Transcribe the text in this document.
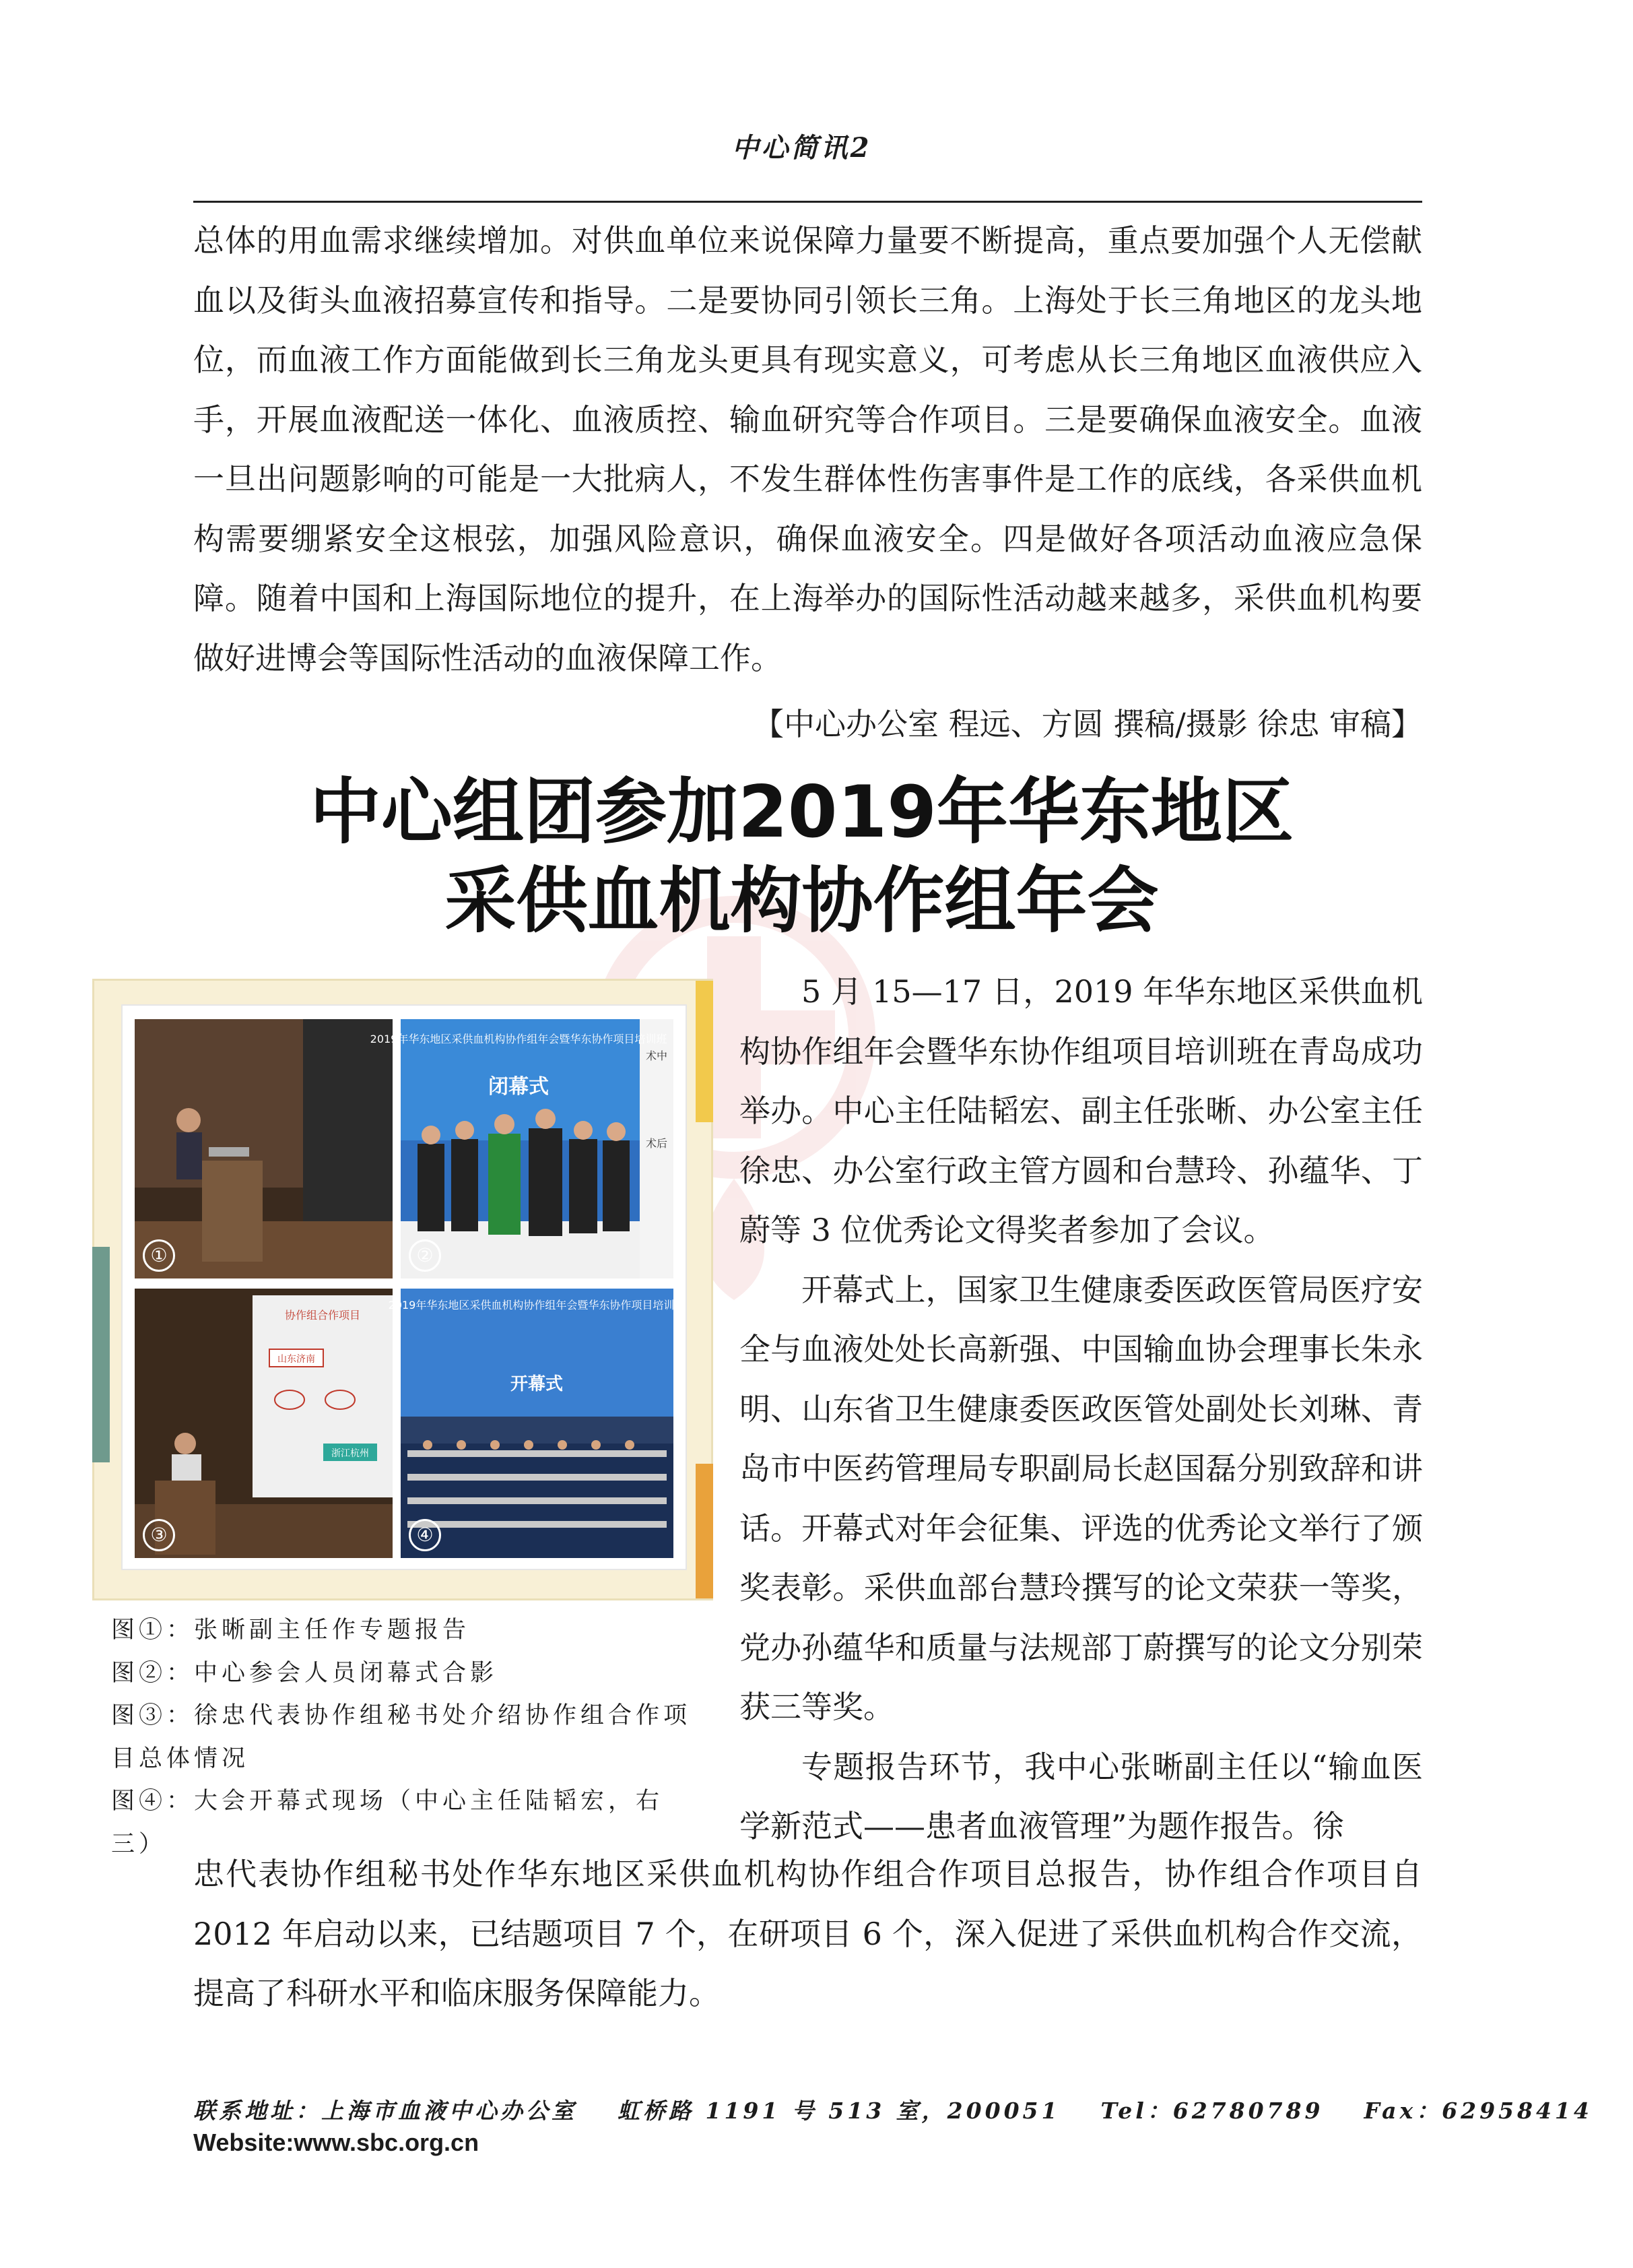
中心简讯2

总体的用血需求继续增加。对供血单位来说保障力量要不断提高，重点要加强个人无偿献血以及街头血液招募宣传和指导。二是要协同引领长三角。上海处于长三角地区的龙头地位，而血液工作方面能做到长三角龙头更具有现实意义，可考虑从长三角地区血液供应入手，开展血液配送一体化、血液质控、输血研究等合作项目。三是要确保血液安全。血液一旦出问题影响的可能是一大批病人，不发生群体性伤害事件是工作的底线，各采供血机构需要绷紧安全这根弦，加强风险意识，确保血液安全。四是做好各项活动血液应急保障。随着中国和上海国际地位的提升，在上海举办的国际性活动越来越多，采供血机构要做好进博会等国际性活动的血液保障工作。

【中心办公室 程远、方圆 撰稿/摄影 徐忠 审稿】
中心组团参加2019年华东地区
采供血机构协作组年会
①
2019年华东地区采供血机构协作组年会暨华东协作项目培训班
闭幕式
术中
术后
②
协作组合作项目
山东济南
浙江杭州
③
2019年华东地区采供血机构协作组年会暨华东协作项目培训班
开幕式
④

图①：张晰副主任作专题报告

图②：中心参会人员闭幕式合影

图③：徐忠代表协作组秘书处介绍协作组合作项目总体情况

图④：大会开幕式现场（中心主任陆韬宏，右三）

5 月 15—17 日，2019 年华东地区采供血机构协作组年会暨华东协作组项目培训班在青岛成功举办。中心主任陆韬宏、副主任张晰、办公室主任徐忠、办公室行政主管方圆和台慧玲、孙蕴华、丁蔚等 3 位优秀论文得奖者参加了会议。

开幕式上，国家卫生健康委医政医管局医疗安全与血液处处长高新强、中国输血协会理事长朱永明、山东省卫生健康委医政医管处副处长刘琳、青岛市中医药管理局专职副局长赵国磊分别致辞和讲话。开幕式对年会征集、评选的优秀论文举行了颁奖表彰。采供血部台慧玲撰写的论文荣获一等奖，党办孙蕴华和质量与法规部丁蔚撰写的论文分别荣获三等奖。

专题报告环节，我中心张晰副主任以“输血医学新范式——患者血液管理”为题作报告。徐

忠代表协作组秘书处作华东地区采供血机构协作组合作项目总报告，协作组合作项目自 2012 年启动以来，已结题项目 7 个，在研项目 6 个，深入促进了采供血机构合作交流，提高了科研水平和临床服务保障能力。

联系地址：上海市血液中心办公室 虹桥路 1191 号 513 室，200051 Tel：62780789 Fax：62958414
Website:www.sbc.org.cn
